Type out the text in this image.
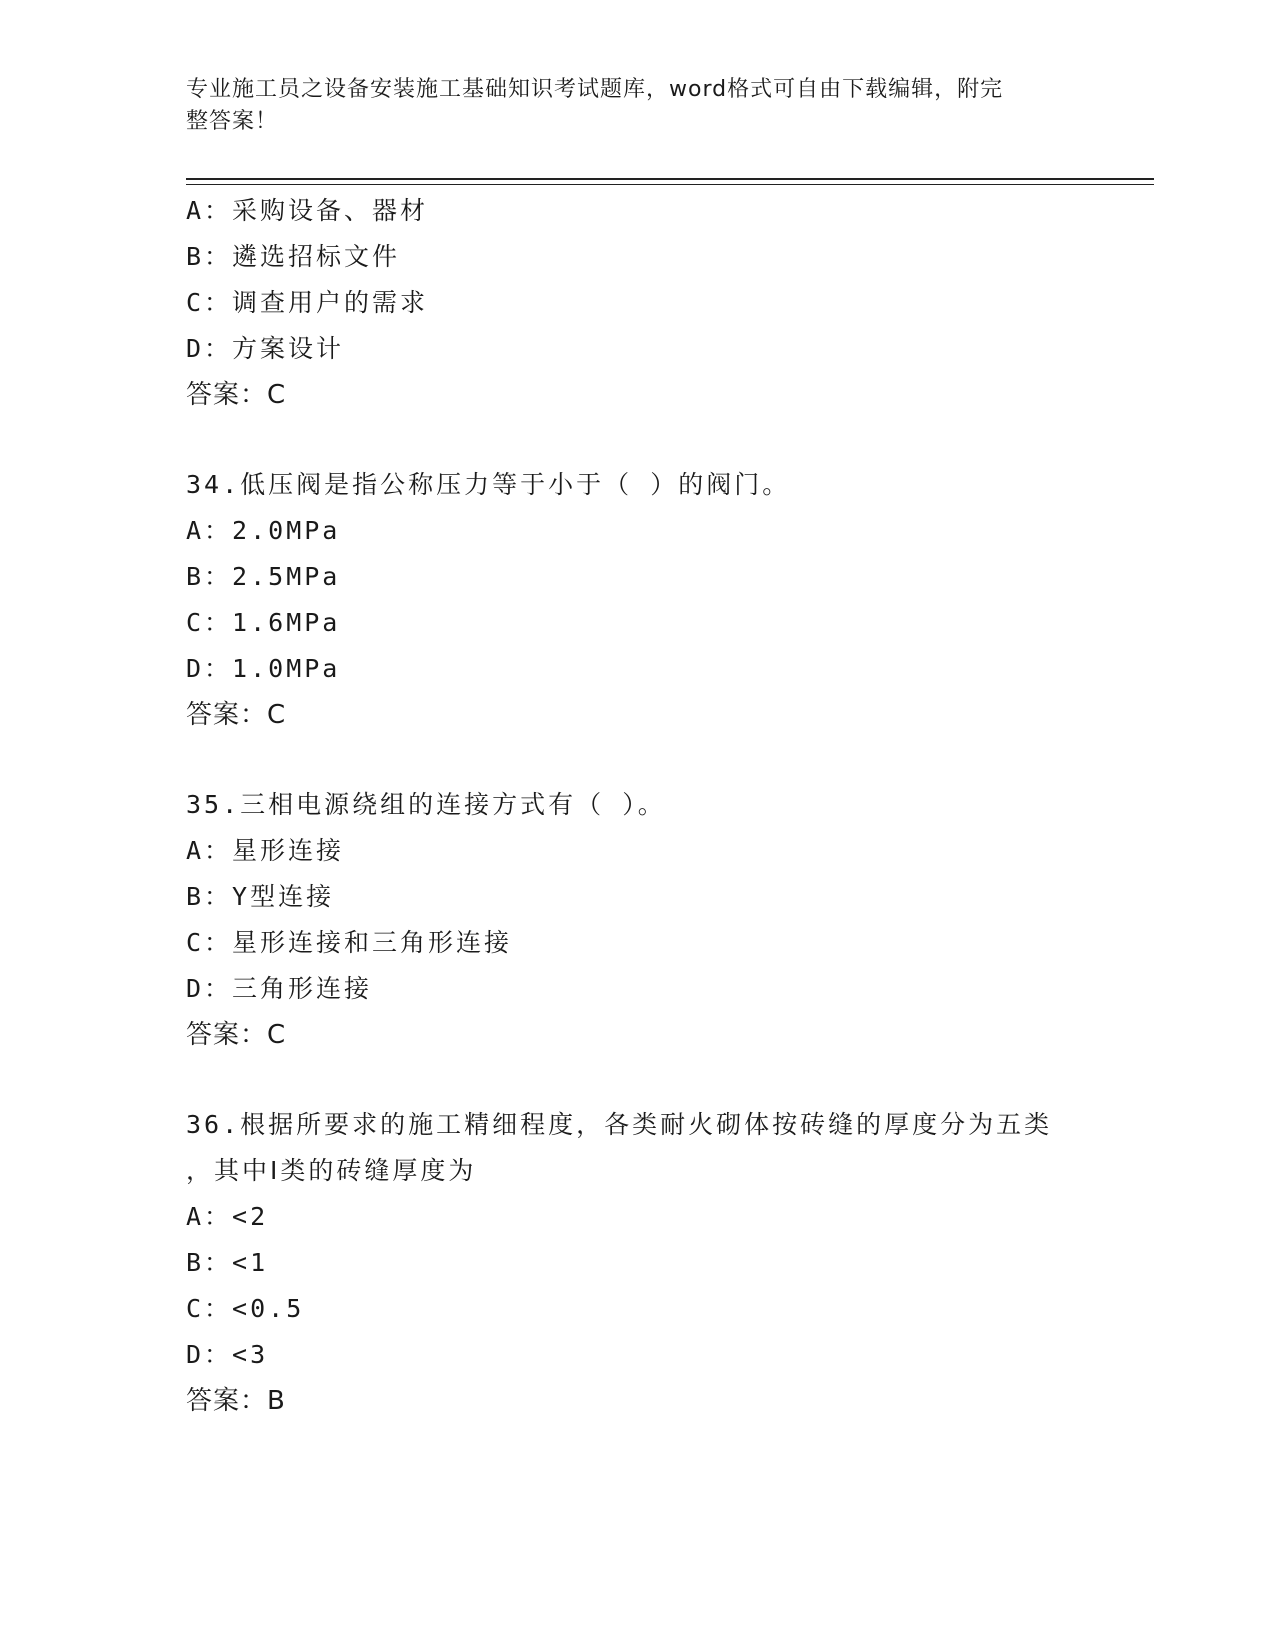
专业施工员之设备安装施工基础知识考试题库，word格式可自由下载编辑，附完
整答案！
A：采购设备、器材
B：遴选招标文件
C：调查用户的需求
D：方案设计
答案：C
34.低压阀是指公称压力等于小于（ ）的阀门。
A：2.0MPa
B：2.5MPa
C：1.6MPa
D：1.0MPa
答案：C
35.三相电源绕组的连接方式有（ ）。
A：星形连接
B：Y型连接
C：星形连接和三角形连接
D：三角形连接
答案：C
36.根据所要求的施工精细程度，各类耐火砌体按砖缝的厚度分为五类
，其中Ⅰ类的砖缝厚度为
A：<2
B：<1
C：<0.5
D：<3
答案：B
